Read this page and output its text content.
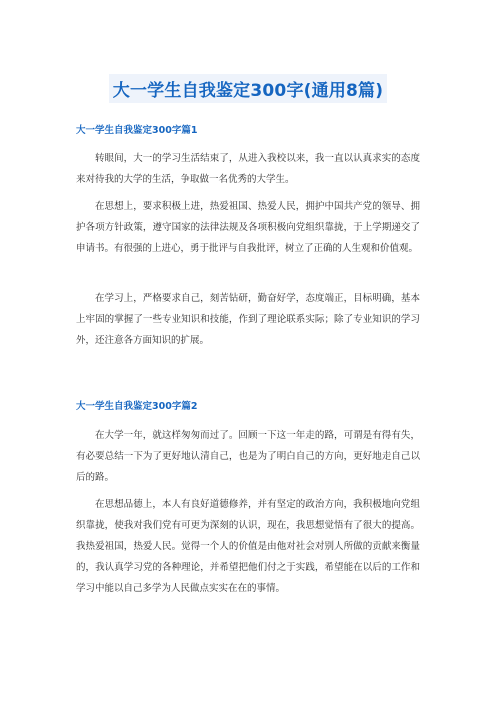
大一学生自我鉴定300字(通用8篇)
大一学生自我鉴定300字篇1

转眼间，大一的学习生活结束了，从进入我校以来，我一直以认真求实的态度来对待我的大学的生活，争取做一名优秀的大学生。

在思想上，要求积极上进，热爱祖国、热爱人民，拥护中国共产党的领导、拥护各项方针政策，遵守国家的法律法规及各项积极向党组织靠拢，于上学期递交了申请书。有很强的上进心，勇于批评与自我批评，树立了正确的人生观和价值观。

在学习上，严格要求自己，刻苦钻研，勤奋好学，态度端正，目标明确，基本上牢固的掌握了一些专业知识和技能，作到了理论联系实际；除了专业知识的学习外，还注意各方面知识的扩展。

大一学生自我鉴定300字篇2

在大学一年，就这样匆匆而过了。回顾一下这一年走的路，可谓是有得有失，有必要总结一下为了更好地认清自己，也是为了明白自己的方向，更好地走自己以后的路。

在思想品德上，本人有良好道德修养，并有坚定的政治方向，我积极地向党组织靠拢，使我对我们党有可更为深刻的认识，现在，我思想觉悟有了很大的提高。我热爱祖国，热爱人民。觉得一个人的价值是由他对社会对别人所做的贡献来衡量的，我认真学习党的各种理论，并希望把他们付之于实践，希望能在以后的工作和学习中能以自己多学为人民做点实实在在的事情。
